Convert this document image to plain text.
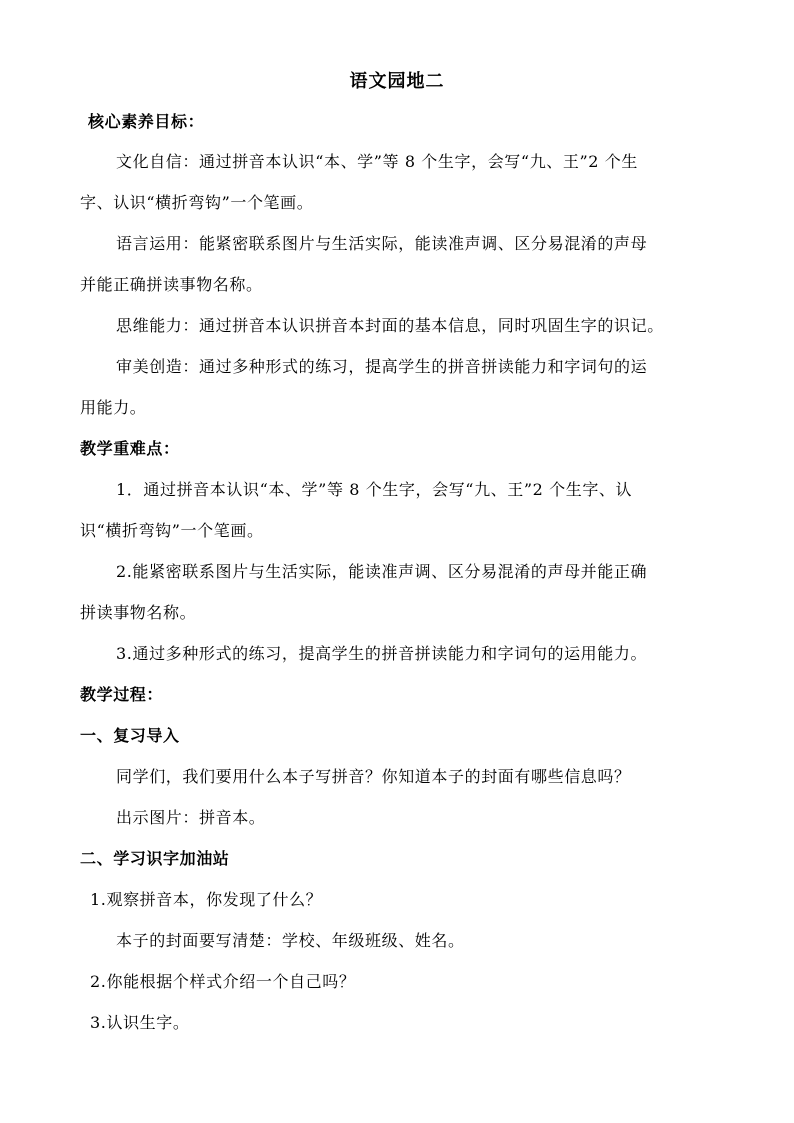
语文园地二
核心素养目标：
文化自信：通过拼音本认识“本、学”等 8 个生字，会写“九、王”2 个生
字、认识“横折弯钩”一个笔画。
语言运用：能紧密联系图片与生活实际，能读准声调、区分易混淆的声母
并能正确拼读事物名称。
思维能力：通过拼音本认识拼音本封面的基本信息，同时巩固生字的识记。
审美创造：通过多种形式的练习，提高学生的拼音拼读能力和字词句的运
用能力。
教学重难点：
1．通过拼音本认识“本、学”等 8 个生字，会写“九、王”2 个生字、认
识“横折弯钩”一个笔画。
2.能紧密联系图片与生活实际，能读准声调、区分易混淆的声母并能正确
拼读事物名称。
3.通过多种形式的练习，提高学生的拼音拼读能力和字词句的运用能力。
教学过程：
一、复习导入
同学们，我们要用什么本子写拼音？你知道本子的封面有哪些信息吗？
出示图片：拼音本。
二、学习识字加油站
1.观察拼音本，你发现了什么？
本子的封面要写清楚：学校、年级班级、姓名。
2.你能根据个样式介绍一个自己吗？
3.认识生字。
